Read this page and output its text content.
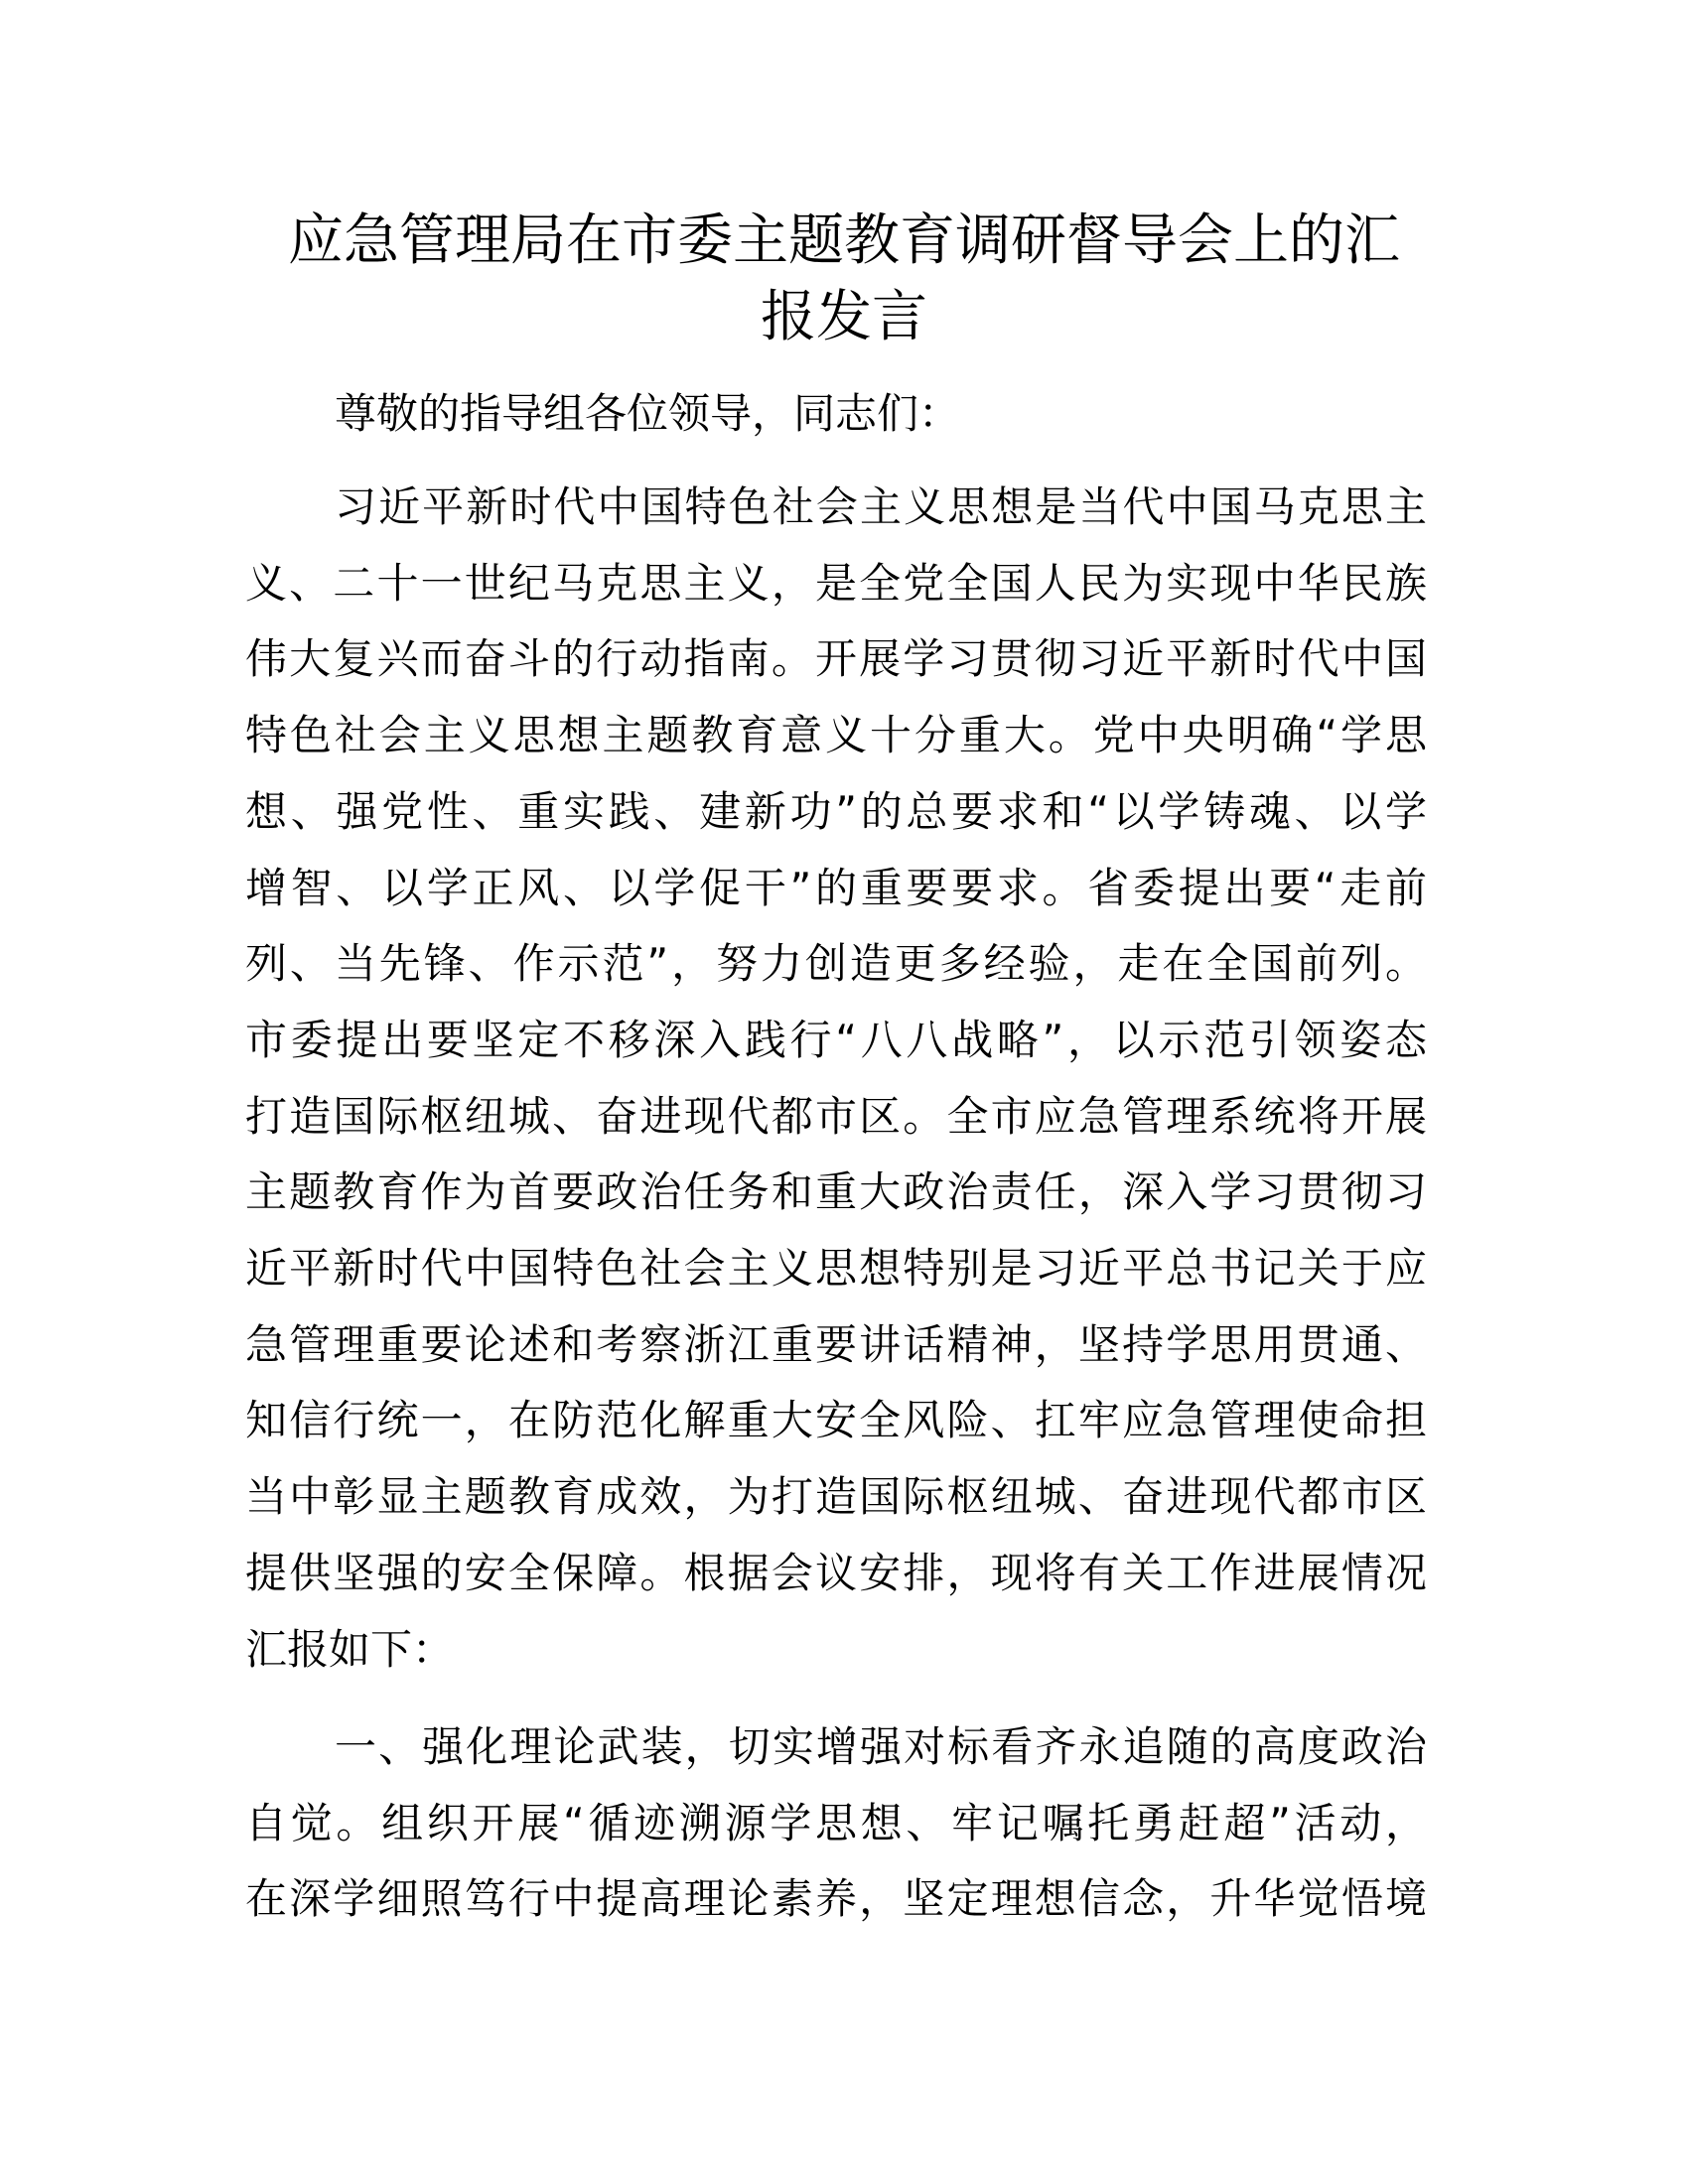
应急管理局在市委主题教育调研督导会上的汇
报发言
尊敬的指导组各位领导，同志们：
习近平新时代中国特色社会主义思想是当代中国马克思主
义、二十一世纪马克思主义，是全党全国人民为实现中华民族
伟大复兴而奋斗的行动指南。开展学习贯彻习近平新时代中国
特色社会主义思想主题教育意义十分重大。党中央明确“学思
想、强党性、重实践、建新功”的总要求和“以学铸魂、以学
增智、以学正风、以学促干”的重要要求。省委提出要“走前
列、当先锋、作示范”，努力创造更多经验，走在全国前列。
市委提出要坚定不移深入践行“八八战略”，以示范引领姿态
打造国际枢纽城、奋进现代都市区。全市应急管理系统将开展
主题教育作为首要政治任务和重大政治责任，深入学习贯彻习
近平新时代中国特色社会主义思想特别是习近平总书记关于应
急管理重要论述和考察浙江重要讲话精神，坚持学思用贯通、
知信行统一，在防范化解重大安全风险、扛牢应急管理使命担
当中彰显主题教育成效，为打造国际枢纽城、奋进现代都市区
提供坚强的安全保障。根据会议安排，现将有关工作进展情况
汇报如下：
一、强化理论武装，切实增强对标看齐永追随的高度政治
自觉。组织开展“循迹溯源学思想、牢记嘱托勇赶超”活动，
在深学细照笃行中提高理论素养，坚定理想信念，升华觉悟境
